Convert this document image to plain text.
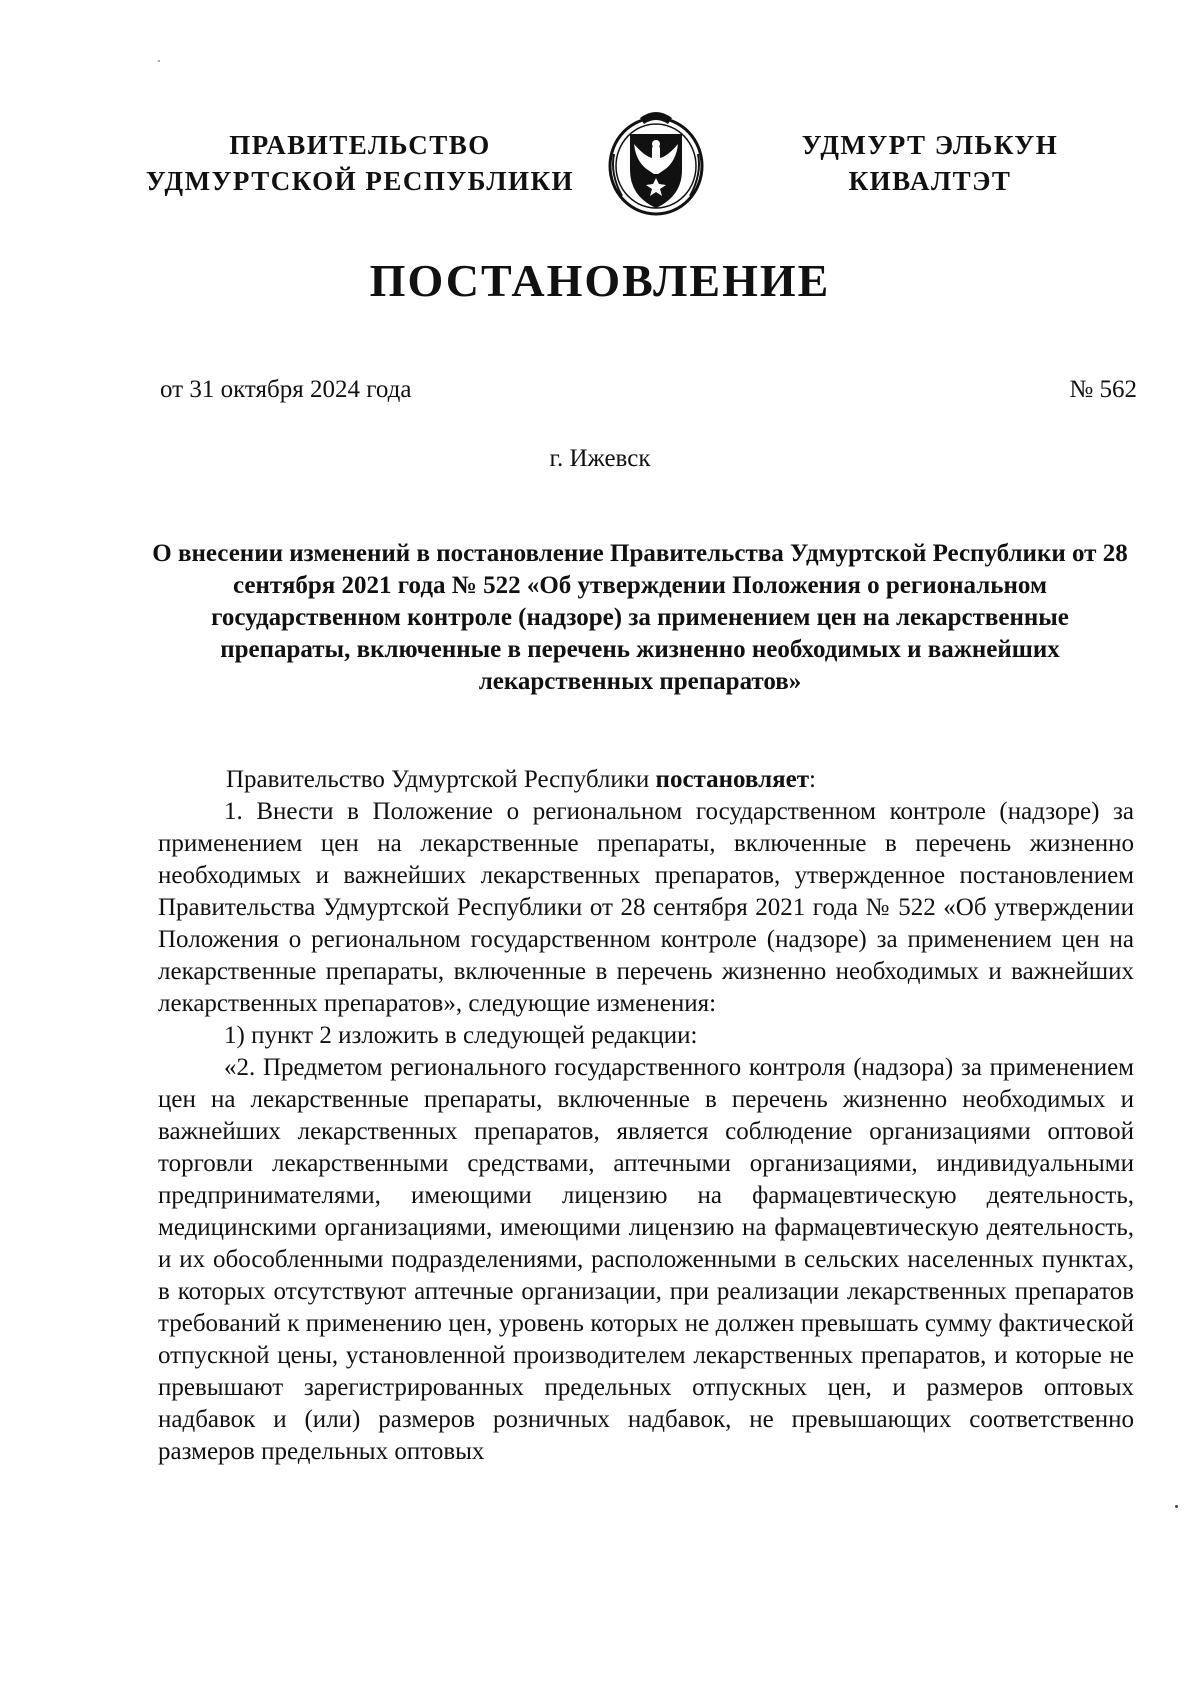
ПРАВИТЕЛЬСТВО
УДМУРТСКОЙ РЕСПУБЛИКИ
УДМУРТ ЭЛЬКУН
КИВАЛТЭТ
ПОСТАНОВЛЕНИЕ
от 31 октября 2024 года	№ 562
г. Ижевск
О внесении изменений в постановление Правительства Удмуртской Республики от 28 сентября 2021 года № 522 «Об утверждении Положения о региональном государственном контроле (надзоре) за применением цен на лекарственные препараты, включенные в перечень жизненно необходимых и важнейших лекарственных препаратов»

Правительство Удмуртской Республики постановляет:

1. Внести в Положение о региональном государственном контроле (надзоре) за применением цен на лекарственные препараты, включенные в перечень жизненно необходимых и важнейших лекарственных препаратов, утвержденное постановлением Правительства Удмуртской Республики от 28 сентября 2021 года № 522 «Об утверждении Положения о региональном государственном контроле (надзоре) за применением цен на лекарственные препараты, включенные в перечень жизненно необходимых и важнейших лекарственных препаратов», следующие изменения:

1) пункт 2 изложить в следующей редакции:

«2. Предметом регионального государственного контроля (надзора) за применением цен на лекарственные препараты, включенные в перечень жизненно необходимых и важнейших лекарственных препаратов, является соблюдение организациями оптовой торговли лекарственными средствами, аптечными организациями, индивидуальными предпринимателями, имеющими лицензию на фармацевтическую деятельность, медицинскими организациями, имеющими лицензию на фармацевтическую деятельность, и их обособленными подразделениями, расположенными в сельских населенных пунктах, в которых отсутствуют аптечные организации, при реализации лекарственных препаратов требований к применению цен, уровень которых не должен превышать сумму фактической отпускной цены, установленной производителем лекарственных препаратов, и которые не превышают зарегистрированных предельных отпускных цен, и размеров оптовых надбавок и (или) размеров розничных надбавок, не превышающих соответственно размеров предельных оптовых
